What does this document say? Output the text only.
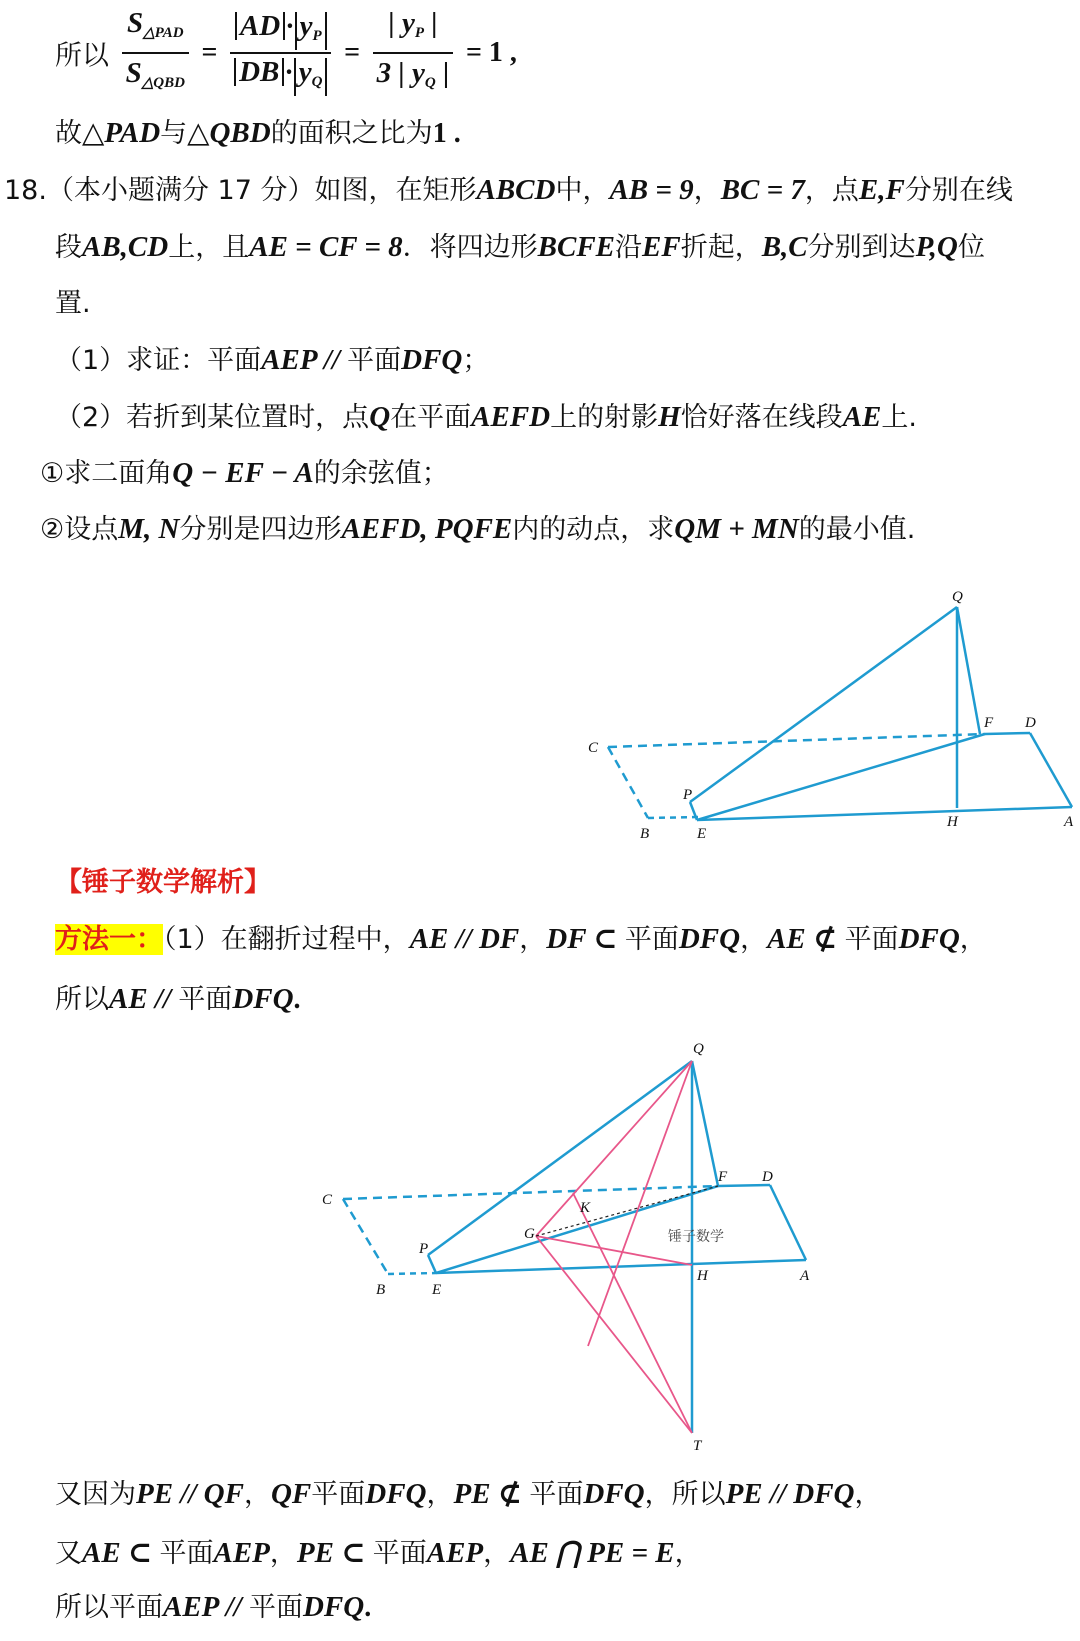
所以 $\frac{S_{\triangle PAD}}{S_{\triangle QBD}} = \frac{AD \cdot y_P}{DB \cdot y_Q} = \frac{| y_P |}{3 | y_Q |} = 1$ ,
故△PAD与△QBD的面积之比为1 .
18.（本小题满分 17 分）如图，在矩形ABCD中，AB = 9，BC = 7，点E,F分别在线
段AB,CD上，且AE = CF = 8．将四边形BCFE沿EF折起，B,C分别到达P,Q位
置.
（1）求证：平面AEP // 平面DFQ；
（2）若折到某位置时，点Q在平面AEFD上的射影H恰好落在线段AE上.
①求二面角Q − EF − A的余弦值；
②设点M, N分别是四边形AEFD, PQFE内的动点，求QM + MN的最小值.
Q
F D
C
P
B	E
H	A
【锤子数学解析】
方法一：（1）在翻折过程中，AE // DF，DF ⊂ 平面DFQ，AE ⊄ 平面DFQ，
所以AE // 平面DFQ.
Q
F D
C	K
G
P
B	E
H	A
T
锤子数学
又因为PE // QF，QF平面DFQ，PE ⊄ 平面DFQ，所以PE // DFQ，
又AE ⊂ 平面AEP，PE ⊂ 平面AEP，AE ⋂ PE = E，
所以平面AEP // 平面DFQ.
